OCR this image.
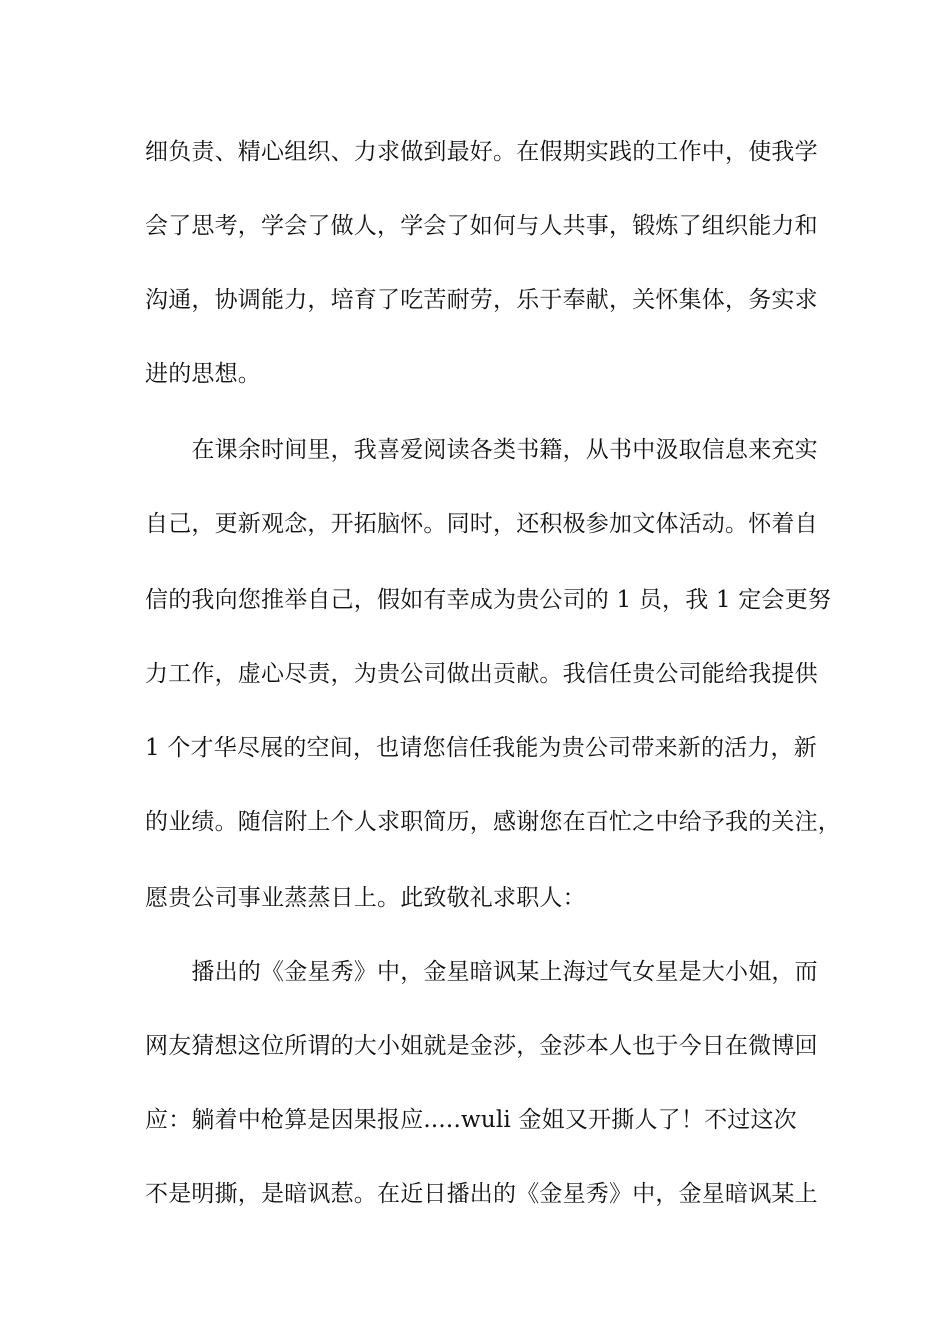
细负责、精心组织、力求做到最好。在假期实践的工作中，使我学
会了思考，学会了做人，学会了如何与人共事，锻炼了组织能力和
沟通，协调能力，培育了吃苦耐劳，乐于奉献，关怀集体，务实求
进的思想。
　　在课余时间里，我喜爱阅读各类书籍，从书中汲取信息来充实
自己，更新观念，开拓脑怀。同时，还积极参加文体活动。怀着自
信的我向您推举自己，假如有幸成为贵公司的 1 员，我 1 定会更努
力工作，虚心尽责，为贵公司做出贡献。我信任贵公司能给我提供
1 个才华尽展的空间，也请您信任我能为贵公司带来新的活力，新
的业绩。随信附上个人求职简历，感谢您在百忙之中给予我的关注，
愿贵公司事业蒸蒸日上。此致敬礼求职人：
　　播出的《金星秀》中，金星暗讽某上海过气女星是大小姐，而
网友猜想这位所谓的大小姐就是金莎，金莎本人也于今日在微博回
应：躺着中枪算是因果报应.....wuli 金姐又开撕人了！不过这次
不是明撕，是暗讽惹。在近日播出的《金星秀》中，金星暗讽某上
